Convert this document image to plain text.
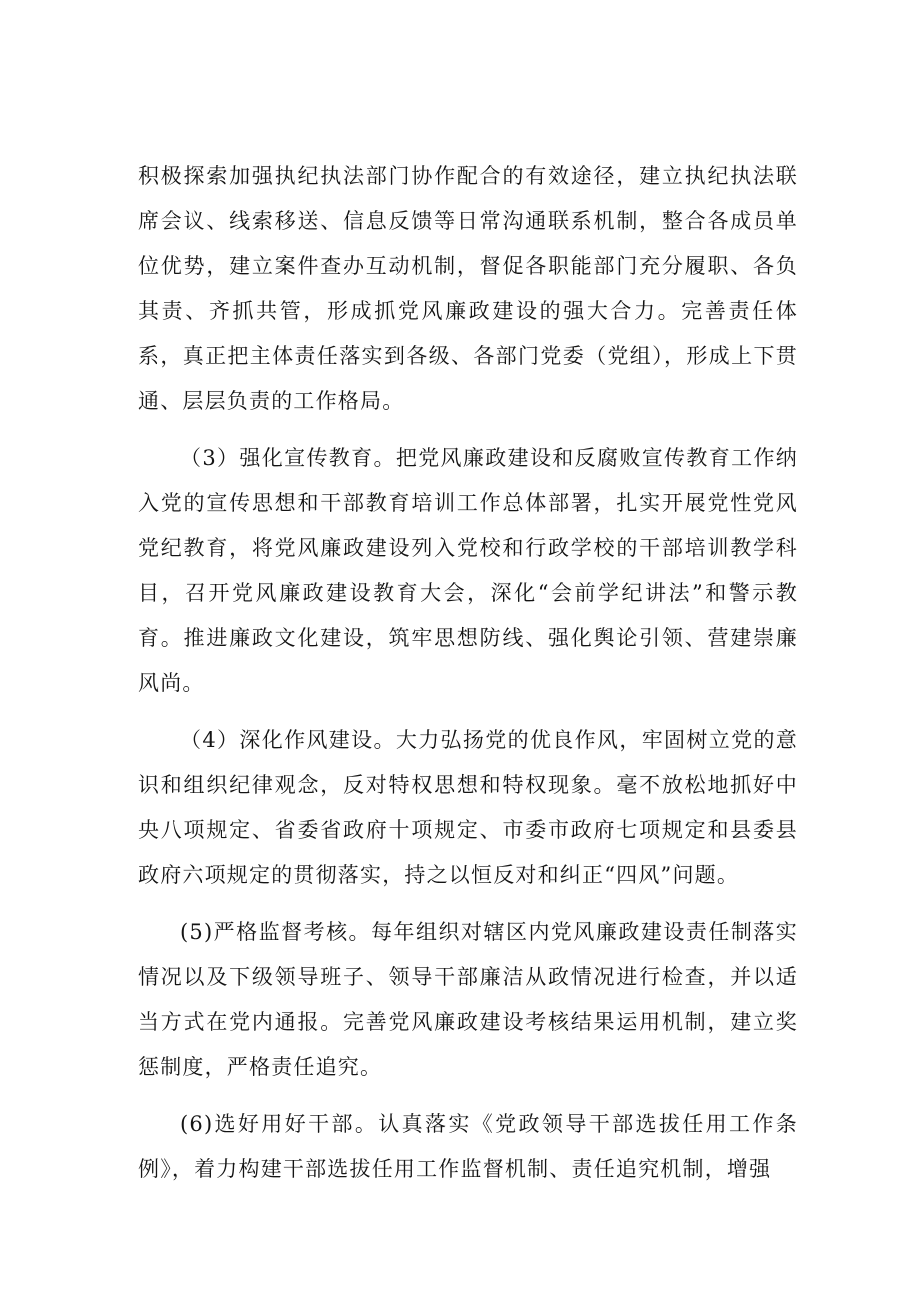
积极探索加强执纪执法部门协作配合的有效途径，建立执纪执法联席会议、线索移送、信息反馈等日常沟通联系机制，整合各成员单位优势，建立案件查办互动机制，督促各职能部门充分履职、各负其责、齐抓共管，形成抓党风廉政建设的强大合力。完善责任体系，真正把主体责任落实到各级、各部门党委（党组），形成上下贯通、层层负责的工作格局。

（3）强化宣传教育。把党风廉政建设和反腐败宣传教育工作纳入党的宣传思想和干部教育培训工作总体部署，扎实开展党性党风党纪教育，将党风廉政建设列入党校和行政学校的干部培训教学科目，召开党风廉政建设教育大会，深化“会前学纪讲法”和警示教育。推进廉政文化建设，筑牢思想防线、强化舆论引领、营建崇廉风尚。

（4）深化作风建设。大力弘扬党的优良作风，牢固树立党的意识和组织纪律观念，反对特权思想和特权现象。毫不放松地抓好中央八项规定、省委省政府十项规定、市委市政府七项规定和县委县政府六项规定的贯彻落实，持之以恒反对和纠正“四风”问题。

(5)严格监督考核。每年组织对辖区内党风廉政建设责任制落实情况以及下级领导班子、领导干部廉洁从政情况进行检查，并以适当方式在党内通报。完善党风廉政建设考核结果运用机制，建立奖惩制度，严格责任追究。

(6)选好用好干部。认真落实《党政领导干部选拔任用工作条例》，着力构建干部选拔任用工作监督机制、责任追究机制，增强
